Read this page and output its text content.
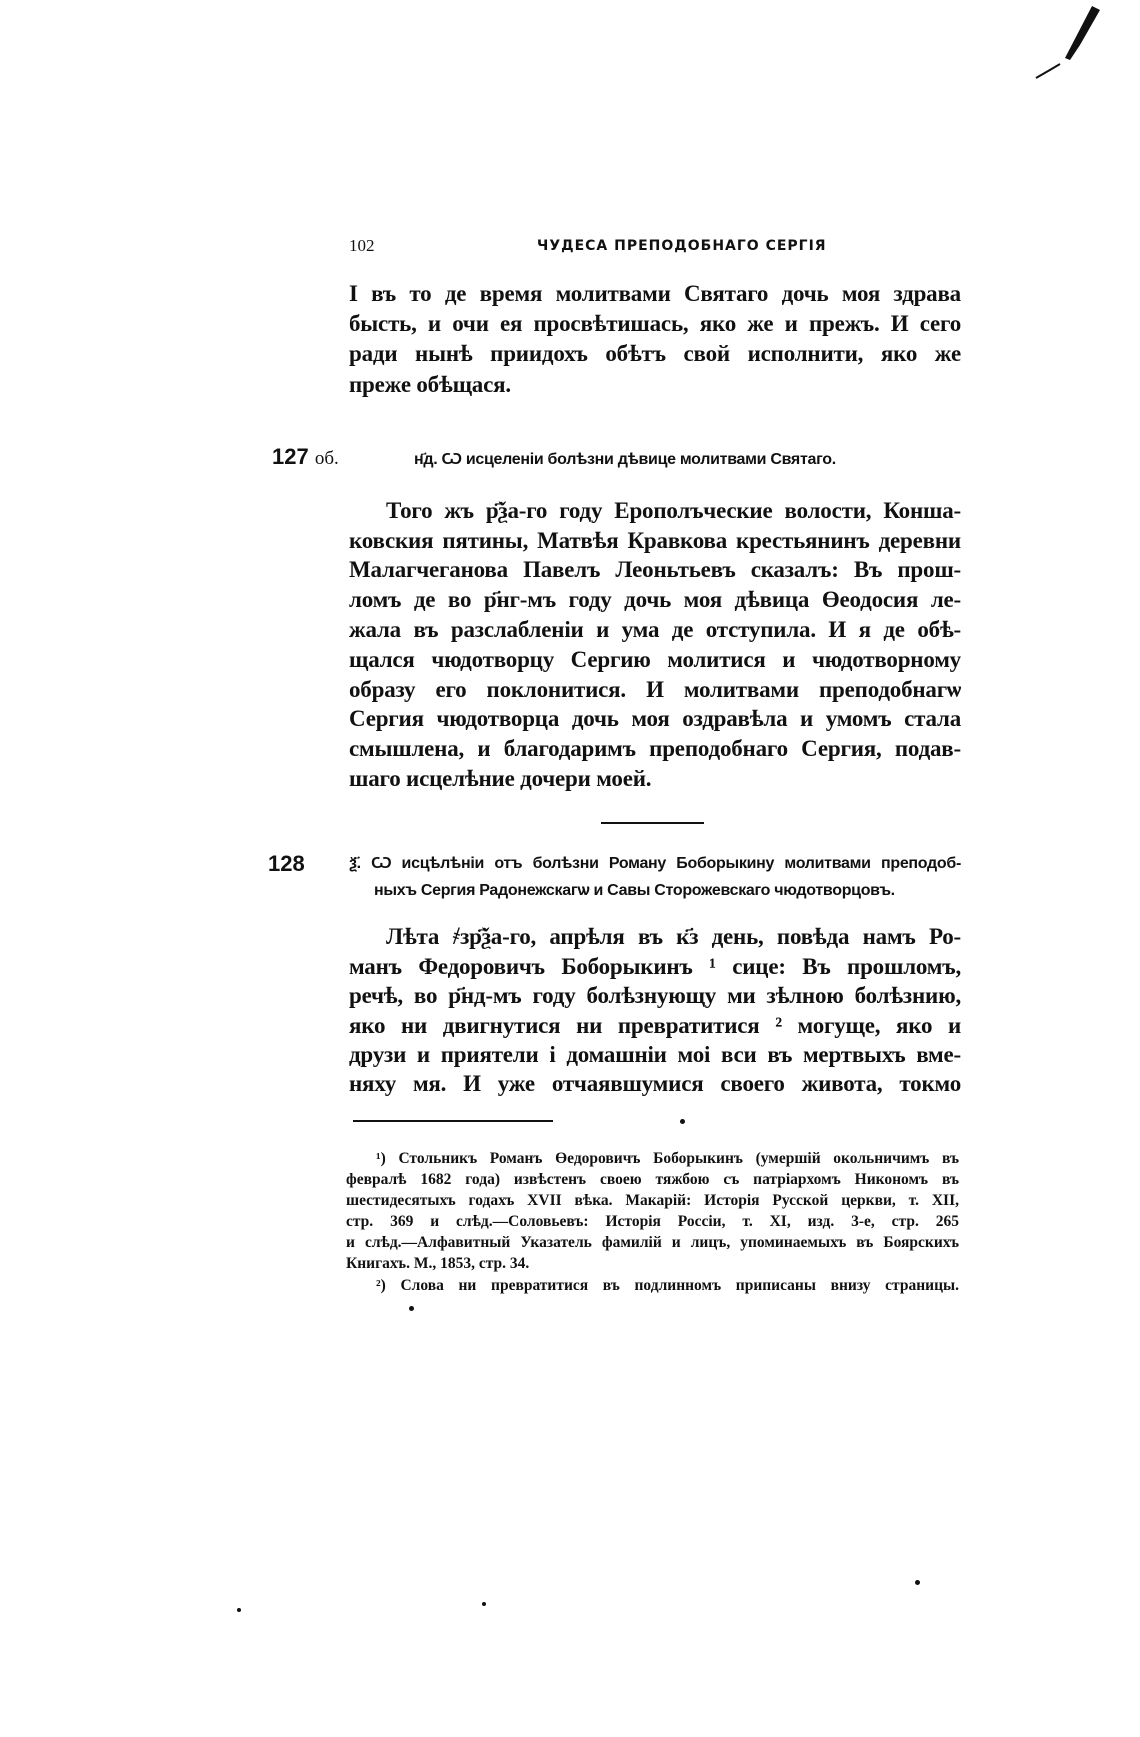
102	ЧУДЕСА ПРЕПОДОБНАГО СЕРГІЯ
I въ то де время молитвами Святаго дочь моя здрава
бысть, и очи ея просвѣтишась, яко же и прежъ. И сего
ради нынѣ приидохъ обѣтъ свой исполнити, яко же
преже обѣщася.
127 об.	н҃д. Ѡ исцеленіи болѣзни дѣвице молитвами Святаго.
Того жъ р҃ѯа-го году Ерополъческие волости, Конша-
ковския пятины, Матвѣя Кравкова крестьянинъ деревни
Малагчеганова Павелъ Леоньтьевъ сказалъ: Въ прош-
ломъ де во р҃нг-мъ году дочь моя дѣвица Өеодосия ле-
жала въ разслабленiи и ума де отступила. И я де обѣ-
щался чюдотворцу Сергию молитися и чюдотворному
образу его поклонитися. И молитвами преподобнагѡ
Сергия чюдотворца дочь моя оздравѣла и умомъ стала
смышлена, и благодаримъ преподобнаго Сергия, подав-
шаго исцелѣние дочери моей.
128	ѯ҃. Ѡ исцѣлѣнiи отъ болѣзни Роману Боборыкину молитвами преподоб-
ныхъ Сергия Радонежскагѡ и Савы Сторожевскаго чюдотворцовъ.
Лѣта ҂зр҃ѯа-го, апрѣля въ к҃з день, повѣда намъ Ро-
манъ Федоровичъ Боборыкинъ ¹ сице: Въ прошломъ,
речѣ, во р҃нд-мъ году болѣзнующу ми зѣлною болѣзнию,
яко ни двигнутися ни превратитися ² могуще, яко и
друзи и приятели i домашнiи моi вси въ мертвыхъ вме-
няху мя. И уже отчаявшумися своего живота, токмо
¹) Стольникъ Романъ Өедоровичъ Боборыкинъ (умершій окольничимъ въ
февралѣ 1682 года) извѣстенъ своею тяжбою съ патріархомъ Никономъ въ
шестидесятыхъ годахъ XVII вѣка. Макарій: Исторія Русской церкви, т. XII,
стр. 369 и слѣд.—Соловьевъ: Исторія Россіи, т. XI, изд. 3-е, стр. 265
и слѣд.—Алфавитный Указатель фамилій и лицъ, упоминаемыхъ въ Боярскихъ
Книгахъ. М., 1853, стр. 34.
²) Слова ни превратитися въ подлинномъ приписаны внизу страницы.
